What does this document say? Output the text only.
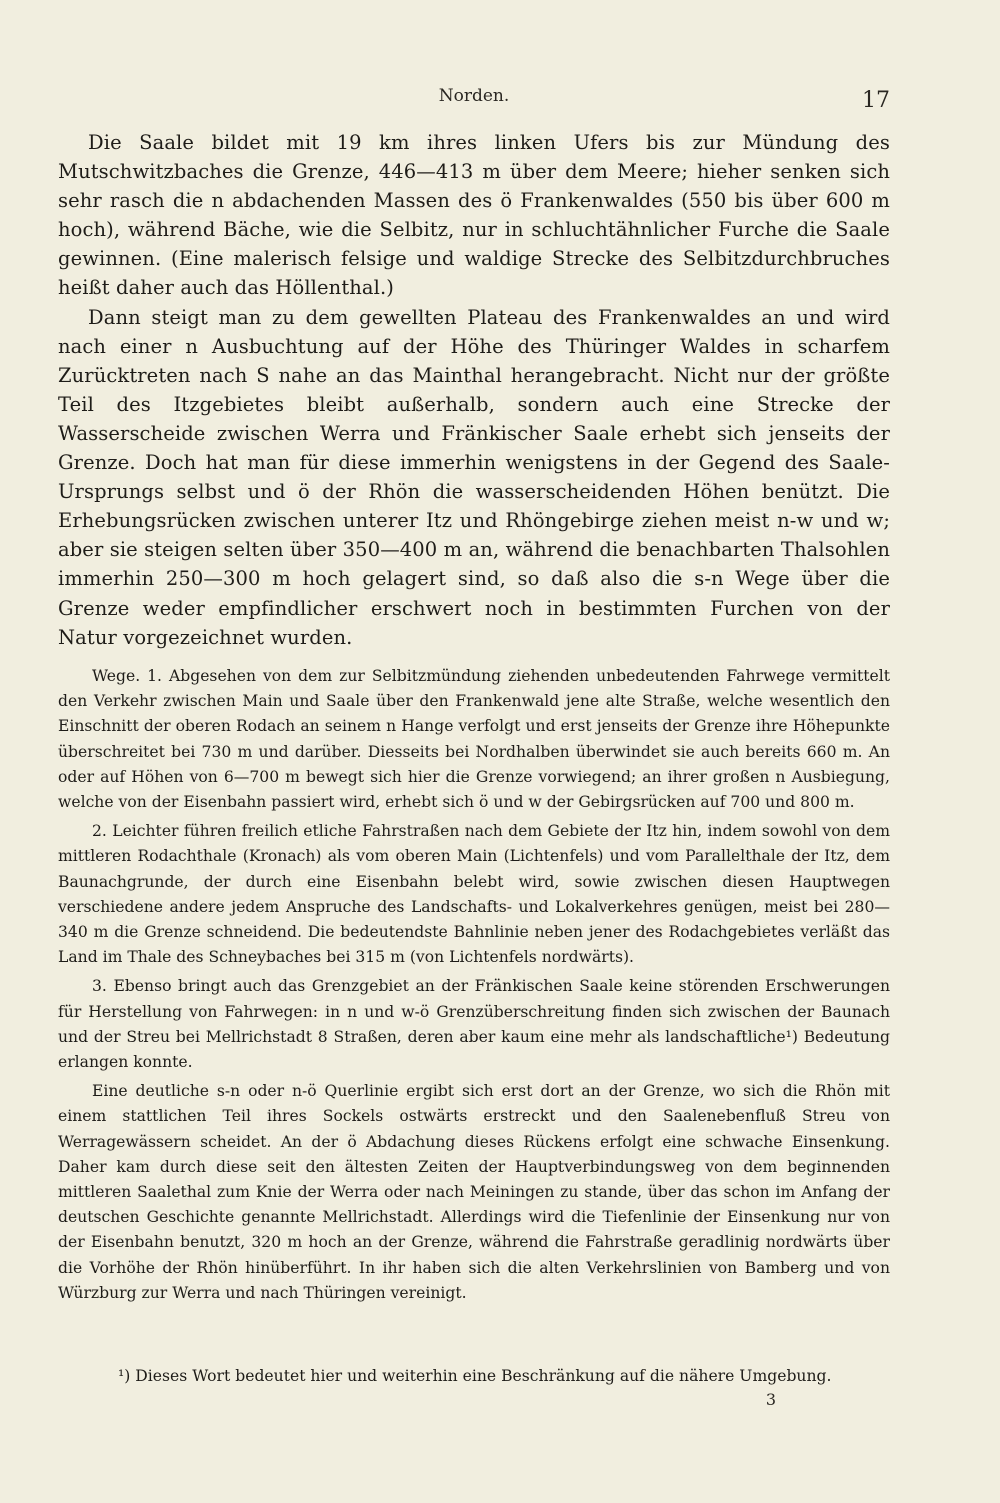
Norden.	17

Die Saale bildet mit 19 km ihres linken Ufers bis zur Mündung des Mutschwitzbaches die Grenze, 446—413 m über dem Meere; hieher senken sich sehr rasch die n abdachenden Massen des ö Frankenwaldes (550 bis über 600 m hoch), während Bäche, wie die Selbitz, nur in schluchtähnlicher Furche die Saale gewinnen. (Eine malerisch felsige und waldige Strecke des Selbitzdurchbruches heißt daher auch das Höllenthal.)

Dann steigt man zu dem gewellten Plateau des Frankenwaldes an und wird nach einer n Ausbuchtung auf der Höhe des Thüringer Waldes in scharfem Zurücktreten nach S nahe an das Mainthal herangebracht. Nicht nur der größte Teil des Itzgebietes bleibt außerhalb, sondern auch eine Strecke der Wasserscheide zwischen Werra und Fränkischer Saale erhebt sich jenseits der Grenze. Doch hat man für diese immerhin wenigstens in der Gegend des Saale-Ursprungs selbst und ö der Rhön die wasserscheidenden Höhen benützt. Die Erhebungsrücken zwischen unterer Itz und Rhöngebirge ziehen meist n-w und w; aber sie steigen selten über 350—400 m an, während die benachbarten Thalsohlen immerhin 250—300 m hoch gelagert sind, so daß also die s-n Wege über die Grenze weder empfindlicher erschwert noch in bestimmten Furchen von der Natur vorgezeichnet wurden.

Wege. 1. Abgesehen von dem zur Selbitzmündung ziehenden unbedeutenden Fahrwege vermittelt den Verkehr zwischen Main und Saale über den Frankenwald jene alte Straße, welche wesentlich den Einschnitt der oberen Rodach an seinem n Hange verfolgt und erst jenseits der Grenze ihre Höhepunkte überschreitet bei 730 m und darüber. Diesseits bei Nordhalben überwindet sie auch bereits 660 m. An oder auf Höhen von 6—700 m bewegt sich hier die Grenze vorwiegend; an ihrer großen n Ausbiegung, welche von der Eisenbahn passiert wird, erhebt sich ö und w der Gebirgsrücken auf 700 und 800 m.

2. Leichter führen freilich etliche Fahrstraßen nach dem Gebiete der Itz hin, indem sowohl von dem mittleren Rodachthale (Kronach) als vom oberen Main (Lichtenfels) und vom Parallelthale der Itz, dem Baunachgrunde, der durch eine Eisenbahn belebt wird, sowie zwischen diesen Hauptwegen verschiedene andere jedem Anspruche des Landschafts- und Lokalverkehres genügen, meist bei 280—340 m die Grenze schneidend. Die bedeutendste Bahnlinie neben jener des Rodachgebietes verläßt das Land im Thale des Schneybaches bei 315 m (von Lichtenfels nordwärts).

3. Ebenso bringt auch das Grenzgebiet an der Fränkischen Saale keine störenden Erschwerungen für Herstellung von Fahrwegen: in n und w-ö Grenzüberschreitung finden sich zwischen der Baunach und der Streu bei Mellrichstadt 8 Straßen, deren aber kaum eine mehr als landschaftliche¹) Bedeutung erlangen konnte.

Eine deutliche s-n oder n-ö Querlinie ergibt sich erst dort an der Grenze, wo sich die Rhön mit einem stattlichen Teil ihres Sockels ostwärts erstreckt und den Saalenebenfluß Streu von Werragewässern scheidet. An der ö Abdachung dieses Rückens erfolgt eine schwache Einsenkung. Daher kam durch diese seit den ältesten Zeiten der Hauptverbindungsweg von dem beginnenden mittleren Saalethal zum Knie der Werra oder nach Meiningen zu stande, über das schon im Anfang der deutschen Geschichte genannte Mellrichstadt. Allerdings wird die Tiefenlinie der Einsenkung nur von der Eisenbahn benutzt, 320 m hoch an der Grenze, während die Fahrstraße geradlinig nordwärts über die Vorhöhe der Rhön hinüberführt. In ihr haben sich die alten Verkehrslinien von Bamberg und von Würzburg zur Werra und nach Thüringen vereinigt.

¹) Dieses Wort bedeutet hier und weiterhin eine Beschränkung auf die nähere Umgebung.
3
